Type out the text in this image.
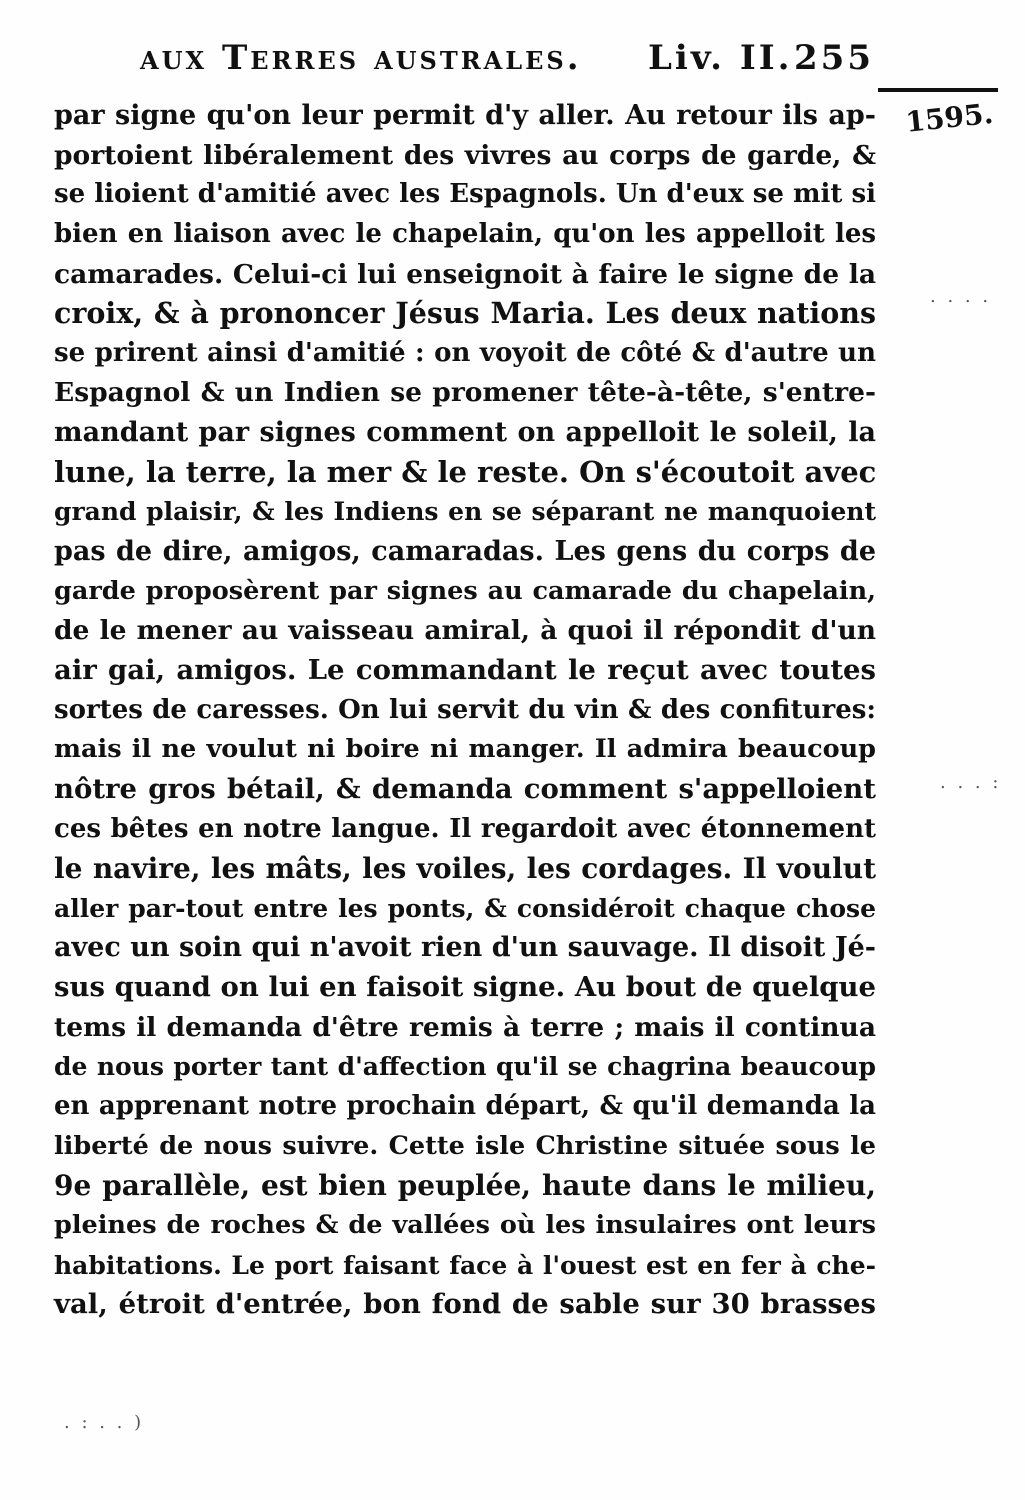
aux Terres australes. Liv. II. 255
1595.
par signe qu'on leur permit d'y aller. Au retour ils ap-
portoient libéralement des vivres au corps de garde, &
se lioient d'amitié avec les Espagnols. Un d'eux se mit si
bien en liaison avec le chapelain, qu'on les appelloit les
camarades. Celui-ci lui enseignoit à faire le signe de la
croix, & à prononcer Jésus Maria. Les deux nations
se prirent ainsi d'amitié : on voyoit de côté & d'autre un
Espagnol & un Indien se promener tête-à-tête, s'entre-
mandant par signes comment on appelloit le soleil, la
lune, la terre, la mer & le reste. On s'écoutoit avec
grand plaisir, & les Indiens en se séparant ne manquoient
pas de dire, amigos, camaradas. Les gens du corps de
garde proposèrent par signes au camarade du chapelain,
de le mener au vaisseau amiral, à quoi il répondit d'un
air gai, amigos. Le commandant le reçut avec toutes
sortes de caresses. On lui servit du vin & des confitures:
mais il ne voulut ni boire ni manger. Il admira beaucoup
nôtre gros bétail, & demanda comment s'appelloient
ces bêtes en notre langue. Il regardoit avec étonnement
le navire, les mâts, les voiles, les cordages. Il voulut
aller par-tout entre les ponts, & considéroit chaque chose
avec un soin qui n'avoit rien d'un sauvage. Il disoit Jé-
sus quand on lui en faisoit signe. Au bout de quelque
tems il demanda d'être remis à terre ; mais il continua
de nous porter tant d'affection qu'il se chagrina beaucoup
en apprenant notre prochain départ, & qu'il demanda la
liberté de nous suivre. Cette isle Christine située sous le
9e parallèle, est bien peuplée, haute dans le milieu,
pleines de roches & de vallées où les insulaires ont leurs
habitations. Le port faisant face à l'ouest est en fer à che-
val, étroit d'entrée, bon fond de sable sur 30 brasses
. . . .
. . . :
. : . . )
